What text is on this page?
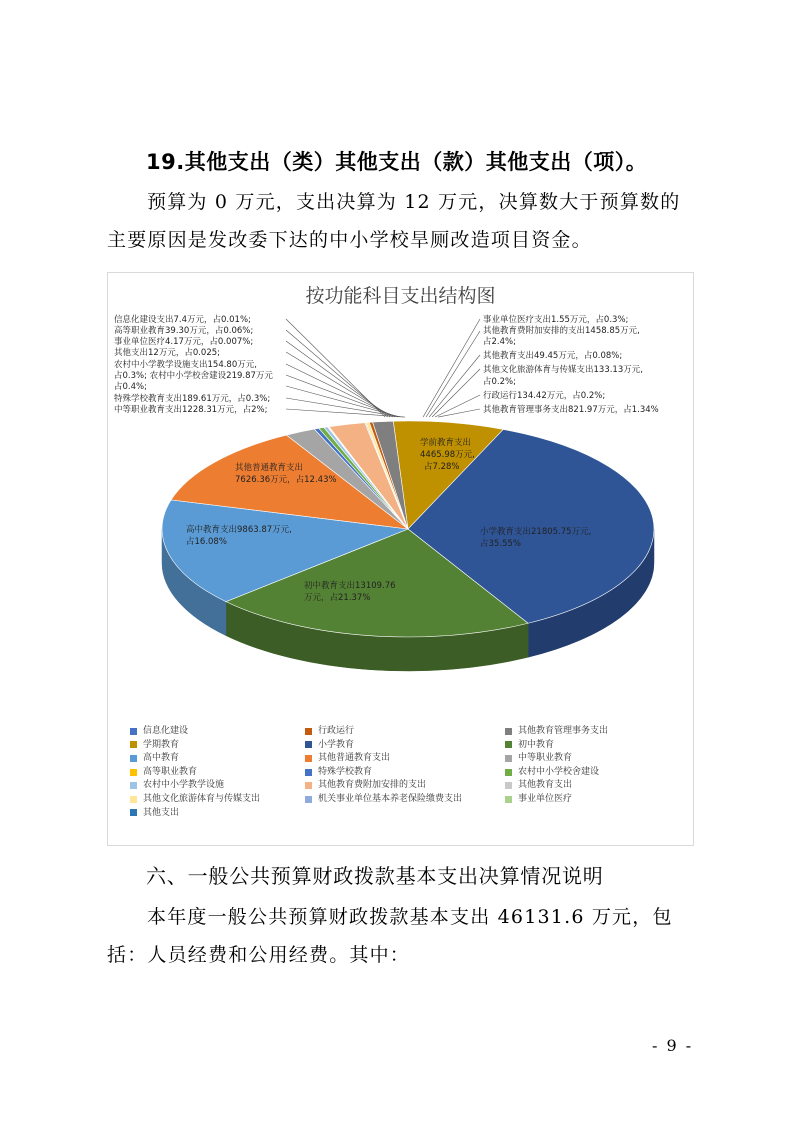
19.其他支出（类）其他支出（款）其他支出（项）。
预算为 0 万元，支出决算为 12 万元，决算数大于预算数的主要原因是发改委下达的中小学校旱厕改造项目资金。
按功能科目支出结构图
信息化建设支出7.4万元，占0.01%;
高等职业教育39.30万元，占0.06%;
事业单位医疗4.17万元，占0.007%;
其他支出12万元，占0.025;
农村中小学教学设施支出154.80万元,
占0.3%; 农村中小学校舍建设219.87万元
占0.4%;
特殊学校教育支出189.61万元，占0.3%;
中等职业教育支出1228.31万元，占2%;
事业单位医疗支出1.55万元，占0.3%;
其他教育费附加安排的支出1458.85万元,
占2.4%;
其他教育支出49.45万元，占0.08%;
其他文化旅游体育与传媒支出133.13万元,
占0.2%;
行政运行134.42万元，占0.2%;
其他教育管理事务支出821.97万元，占1.34%
学前教育支出
4465.98万元,
占7.28%
小学教育支出21805.75万元,
占35.55%
其他普通教育支出
7626.36万元，占12.43%
高中教育支出9863.87万元,
占16.08%
初中教育支出13109.76
万元，占21.37%
信息化建设	行政运行	其他教育管理事务支出
学期教育	小学教育	初中教育
高中教育	其他普通教育支出	中等职业教育
高等职业教育	特殊学校教育	农村中小学校舍建设
农村中小学教学设施	其他教育费附加安排的支出	其他教育支出
其他文化旅游体育与传媒支出	机关事业单位基本养老保险缴费支出	事业单位医疗
其他支出
六、一般公共预算财政拨款基本支出决算情况说明
本年度一般公共预算财政拨款基本支出 46131.6 万元，包括：人员经费和公用经费。其中：
- 9 -
